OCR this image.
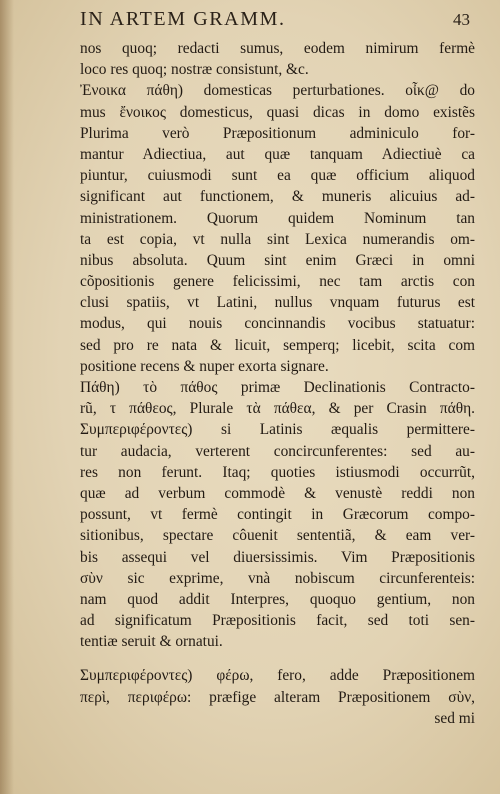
IN ARTEM GRAMM.	43
nos quoq; redacti sumus, eodem nimirum fermè
loco res quoq; nostræ consistunt, &c.
Ἐνοικα πάθη) domesticas perturbationes. οἶκ@ do
mus ἔνοικος domesticus, quasi dicas in domo existẽs
Plurima verò Præpositionum adminiculo for-
mantur Adiectiua, aut quæ tanquam Adiectiuè ca
piuntur, cuiusmodi sunt ea quæ officium aliquod
significant aut functionem, & muneris alicuius ad-
ministrationem. Quorum quidem Nominum tan
ta est copia, vt nulla sint Lexica numerandis om-
nibus absoluta. Quum sint enim Græci in omni
cõpositionis genere felicissimi, nec tam arctis con
clusi spatiis, vt Latini, nullus vnquam futurus est
modus, qui nouis concinnandis vocibus statuatur:
sed pro re nata & licuit, semperq; licebit, scita com
positione recens & nuper exorta signare.
Πάθη) τὸ πάθος primæ Declinationis Contracto-
rũ, τ πάθεος, Plurale τὰ πάθεα, & per Crasin πάθη.
Συμπεριφέροντες) si Latinis æqualis permittere-
tur audacia, verterent concircunferentes: sed au-
res non ferunt. Itaq; quoties istiusmodi occurrũt,
quæ ad verbum commodè & venustè reddi non
possunt, vt fermè contingit in Græcorum compo-
sitionibus, spectare côuenit sententiã, & eam ver-
bis assequi vel diuersissimis. Vim Præpositionis
σὺν sic exprime, vnà nobiscum circunferenteis:
nam quod addit Interpres, quoquo gentium, non
ad significatum Præpositionis facit, sed toti sen-
tentiæ seruit & ornatui.
Συμπεριφέροντες) φέρω, fero, adde Præpositionem
περὶ, περιφέρω: præfige alteram Præpositionem σὺν,
sed mi
